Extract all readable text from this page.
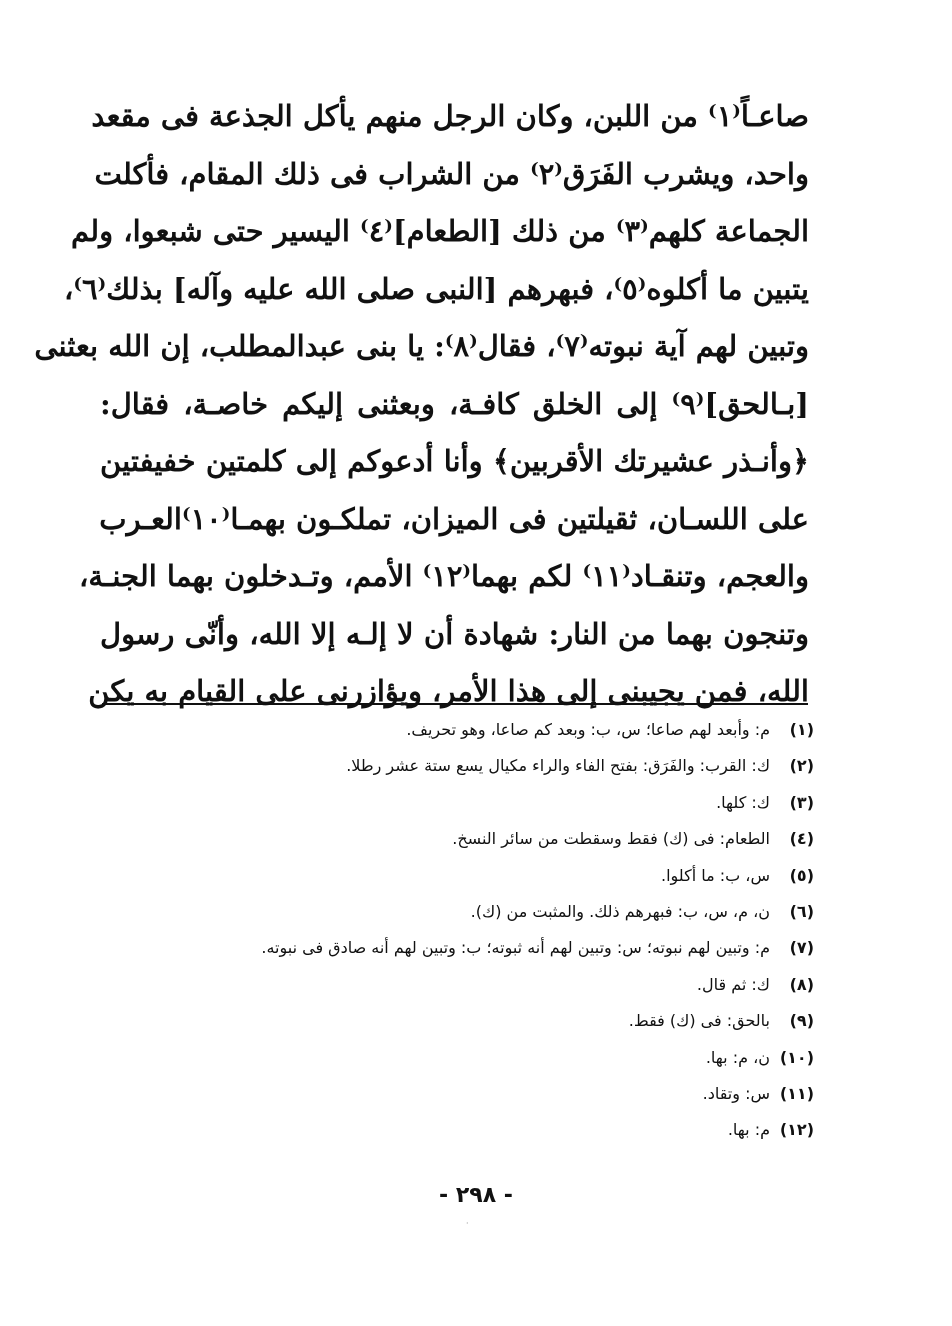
صاعـاً⁽١⁾ من اللبن، وكان الرجل منهم يأكل الجذعة فى مقعد
واحد، ويشرب الفَرَق⁽٢⁾ من الشراب فى ذلك المقام، فأكلت
الجماعة كلهم⁽٣⁾ من ذلك [الطعام]⁽٤⁾ اليسير حتى شبعوا، ولم
يتبين ما أكلوه⁽٥⁾، فبهرهم [النبى صلى الله عليه وآله] بذلك⁽٦⁾،
وتبين لهم آية نبوته⁽٧⁾، فقال⁽٨⁾: يا بنى عبدالمطلب، إن الله بعثنى
[بـالحق]⁽٩⁾ إلى الخلق كافـة، وبعثنى إليكم خاصـة، فقال:
﴿وأنـذر عشيرتك الأقربين﴾ وأنا أدعوكم إلى كلمتين خفيفتين
على اللسـان، ثقيلتين فى الميزان، تملكـون بهمـا⁽١٠⁾العـرب
والعجم، وتنقـاد⁽١١⁾ لكم بهما⁽١٢⁾ الأمم، وتـدخلون بهما الجنـة،
وتنجون بهما من النار: شهادة أن لا إلـه إلا الله، وأنّى رسول
الله، فمن يجيبنى إلى هذا الأمر، ويؤازرنى على القيام به يكن
(١)م: وأبعد لهم صاعا؛ س، ب: وبعد كم صاعا، وهو تحريف.
(٢)ك: القرب: والفَرَق: بفتح الفاء والراء مكيال يسع ستة عشر رطلا.
(٣)ك: كلها.
(٤)الطعام: فى (ك) فقط وسقطت من سائر النسخ.
(٥)س، ب: ما أكلوا.
(٦)ن، م، س، ب: فبهرهم ذلك. والمثبت من (ك).
(٧)م: وتبين لهم نبوته؛ س: وتبين لهم أنه ثبوته؛ ب: وتبين لهم أنه صادق فى نبوته.
(٨)ك: ثم قال.
(٩)بالحق: فى (ك) فقط.
(١٠)ن، م: بها.
(١١)س: وتقاد.
(١٢)م: بها.
- ٢٩٨ -
·
